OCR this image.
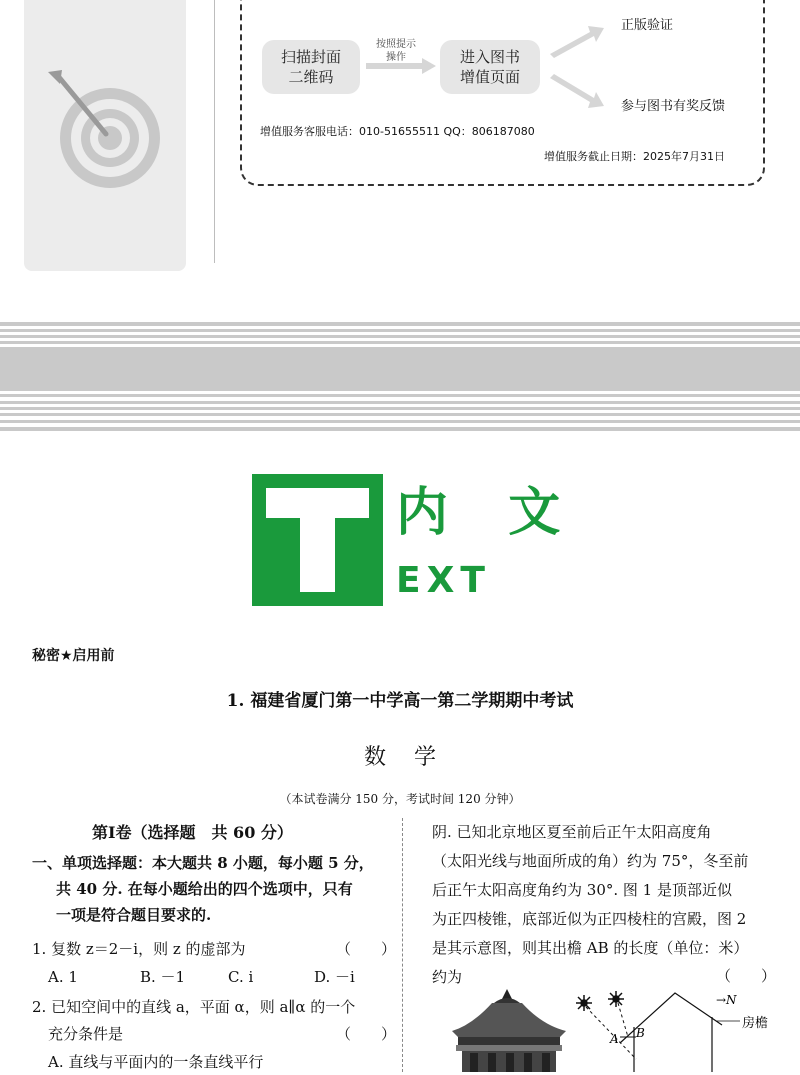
扫描封面
二维码
按照提示
操作	进入图书
增值页面
正版验证
参与图书有奖反馈
增值服务客服电话：010-51655511 QQ：806187080
增值服务截止日期：2025年7月31日
内  文
EXT
秘密★启用前
1. 福建省厦门第一中学高一第二学期期中考试
数    学
（本试卷满分 150 分，考试时间 120 分钟）
第Ⅰ卷（选择题　共 60 分）
一、单项选择题：本大题共 8 小题，每小题 5 分，
共 40 分. 在每小题给出的四个选项中，只有
一项是符合题目要求的.
1. 复数 z＝2－i，则 z 的虚部为	（　　）
A. 1	B. －1	C. i	D. －i
2. 已知空间中的直线 a，平面 α，则 a∥α 的一个
充分条件是	（　　）
A. 直线与平面内的一条直线平行
阴. 已知北京地区夏至前后正午太阳高度角
（太阳光线与地面所成的角）约为 75°，冬至前
后正午太阳高度角约为 30°. 图 1 是顶部近似
为正四棱锥，底部近似为正四棱柱的宫殿，图 2
是其示意图，则其出檐 AB 的长度（单位：米）
约为	（　　）
B
A
→N
房檐
